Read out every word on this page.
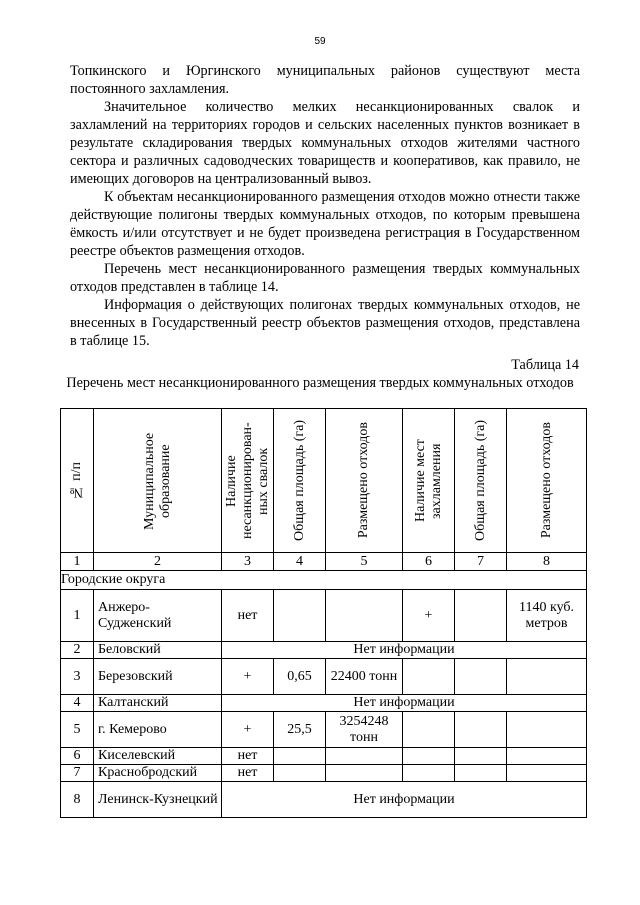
59

Топкинского и Юргинского муниципальных районов существуют места постоянного захламления.

Значительное количество мелких несанкционированных свалок и захламлений на территориях городов и сельских населенных пунктов возникает в результате складирования твердых коммунальных отходов жителями частного сектора и различных садоводческих товариществ и кооперативов, как правило, не имеющих договоров на централизованный вывоз.

К объектам несанкционированного размещения отходов можно отнести также действующие полигоны твердых коммунальных отходов, по которым превышена ёмкость и/или отсутствует и не будет произведена регистрация в Государственном реестре объектов размещения отходов.

Перечень мест несанкционированного размещения твердых коммунальных отходов представлен в таблице 14.

Информация о действующих полигонах твердых коммунальных отходов, не внесенных в Государственный реестр объектов размещения отходов, представлена в таблице 15.

Таблица 14
Перечень мест несанкционированного размещения твердых коммунальных отходов
№ п/п	Муниципальное образование	Наличие несанкционирован-ных свалок	Общая площадь (га)	Размещено отходов	Наличие мест захламления	Общая площадь (га)	Размещено отходов

1	2	3	4	5	6	7	8
Городские округа							
1	Анжеро-Судженский	нет			+		1140 куб. метров
2	Беловский	Нет информации					
3	Березовский	+	0,65	22400 тонн			
4	Калтанский	Нет информации					
5	г. Кемерово	+	25,5	3254248 тонн			
6	Киселевский	нет					
7	Краснобродский	нет					
8	Ленинск-Кузнецкий	Нет информации					
